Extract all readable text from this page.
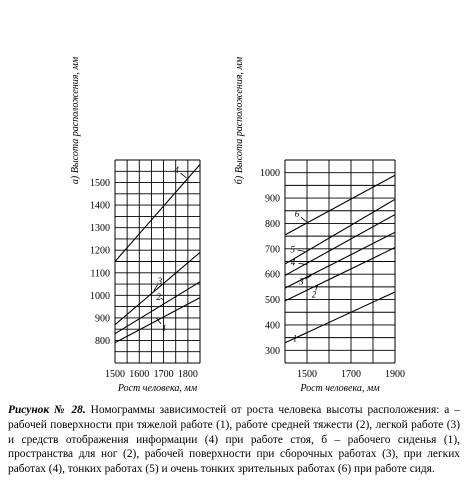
800
900
1000
1100
1200
1300
1400
1500
1500 1600 1700 1800
Рост человека, мм
Высота расположения, мм
а)
1
2
3
4
300
400
500
600
700
800
900
1000
1500 1700 1900
Рост человека, мм
Высота расположения, мм
б)
1
2
3
4
5
6
Рисунок № 28. Номограммы зависимостей от роста человека высоты расположения: а – рабочей поверхности при тяжелой работе (1), работе средней тяжести (2), легкой работе (3) и средств отображения информации (4) при работе стоя, б – рабочего сиденья (1), пространства для ног (2), рабочей поверхности при сборочных работах (3), при легких работах (4), тонких работах (5) и очень тонких зрительных работах (6) при работе сидя.
